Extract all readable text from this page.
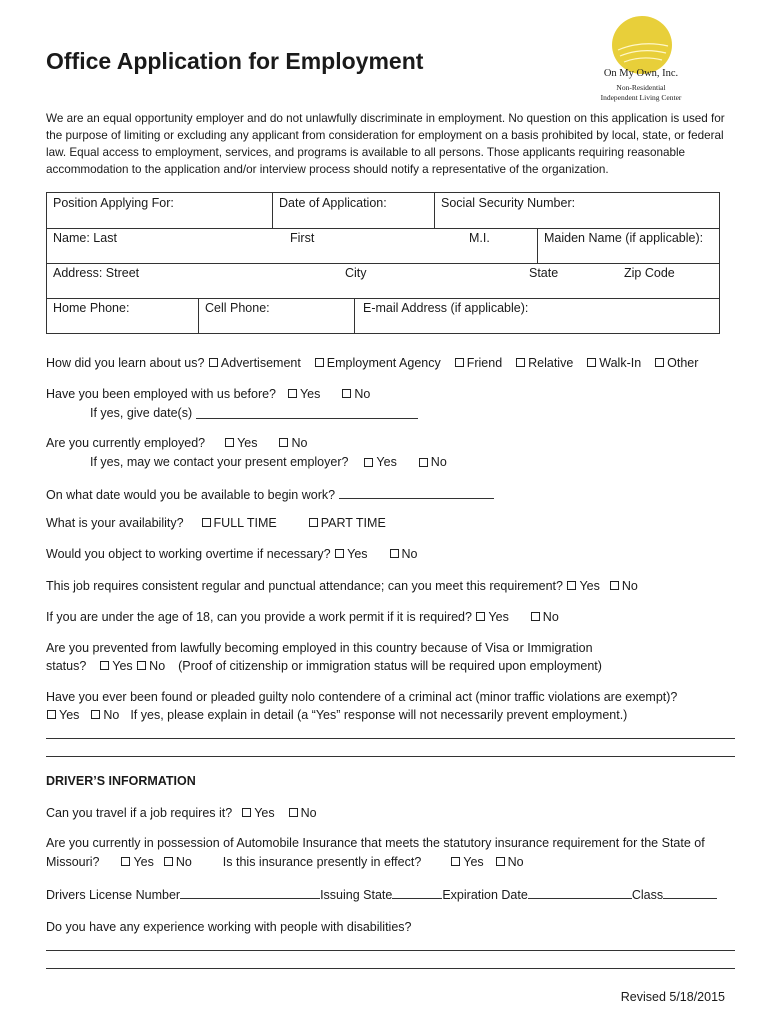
Office Application for Employment	On My Own, Inc.
Non-Residential
Independent Living Center
We are an equal opportunity employer and do not unlawfully discriminate in employment. No question on this application is used for the purpose of limiting or excluding any applicant from consideration for employment on a basis prohibited by local, state, or federal law. Equal access to employment, services, and programs is available to all persons. Those applicants requiring reasonable accommodation to the application and/or interview process should notify a representative of the organization.
Position Applying For:	Date of Application:	Social Security Number:
Name: Last	First	M.I.	Maiden Name (if applicable):
Address: Street	City	State	Zip Code
Home Phone:	Cell Phone:	E-mail Address (if applicable):
How did you learn about us? Advertisement Employment Agency Friend Relative Walk-In Other
Have you been employed with us before? Yes	No
If yes, give date(s)
Are you currently employed?	Yes	No
If yes, may we contact your present employer? Yes	No
On what date would you be available to begin work?
What is your availability? FULL TIME	PART TIME
Would you object to working overtime if necessary? Yes	No
This job requires consistent regular and punctual attendance; can you meet this requirement? Yes No
If you are under the age of 18, can you provide a work permit if it is required? Yes	No
Are you prevented from lawfully becoming employed in this country because of Visa or Immigration
status? Yes No (Proof of citizenship or immigration status will be required upon employment)
Have you ever been found or pleaded guilty nolo contendere of a criminal act (minor traffic violations are exempt)?
Yes No If yes, please explain in detail (a “Yes” response will not necessarily prevent employment.)
DRIVER’S INFORMATION
Can you travel if a job requires it? Yes No
Are you currently in possession of Automobile Insurance that meets the statutory insurance requirement for the State of
Missouri?	Yes No Is this insurance presently in effect?	Yes No
Drivers License Number	Issuing State	Expiration Date	Class
Do you have any experience working with people with disabilities?
Revised 5/18/2015
